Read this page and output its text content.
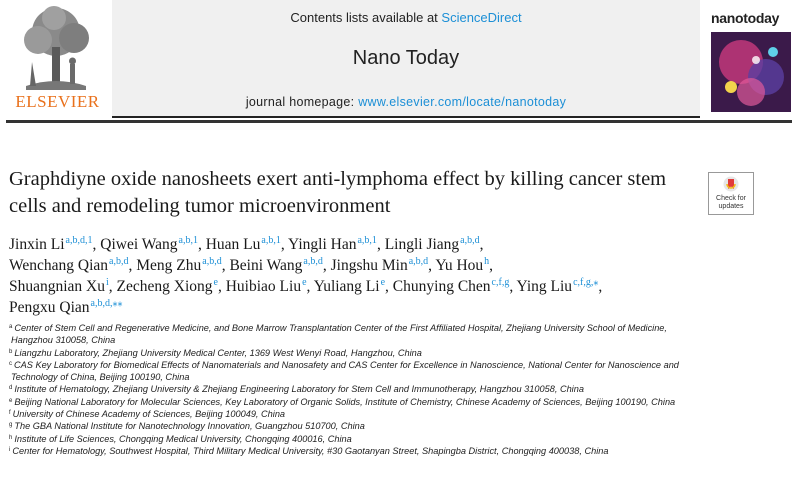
ELSEVIER
Contents lists available at ScienceDirect
Nano Today
journal homepage: www.elsevier.com/locate/nanotoday
nanotoday
Graphdiyne oxide nanosheets exert anti-lymphoma effect by killing cancer stem cells and remodeling tumor microenvironment	Check for updates
Jinxin Li$^{a,b,d,1}$, Qiwei Wang$^{a,b,1}$, Huan Lu$^{a,b,1}$, Yingli Han$^{a,b,1}$, Lingli Jiang$^{a,b,d}$,
Wenchang Qian$^{a,b,d}$, Meng Zhu$^{a,b,d}$, Beini Wang$^{a,b,d}$, Jingshu Min$^{a,b,d}$, Yu Hou$^h$,
Shuangnian Xu$^i$, Zecheng Xiong$^e$, Huibiao Liu$^e$, Yuliang Li$^e$, Chunying Chen$^{c,f,g}$, Ying Liu$^{c,f,g,⁎}$,
Pengxu Qian$^{a,b,d,⁎⁎}$
$^a$ Center of Stem Cell and Regenerative Medicine, and Bone Marrow Transplantation Center of the First Affiliated Hospital, Zhejiang University School of Medicine,
Hangzhou 310058, China
$^b$ Liangzhu Laboratory, Zhejiang University Medical Center, 1369 West Wenyi Road, Hangzhou, China
$^c$ CAS Key Laboratory for Biomedical Effects of Nanomaterials and Nanosafety and CAS Center for Excellence in Nanoscience, National Center for Nanoscience and
Technology of China, Beijing 100190, China
$^d$ Institute of Hematology, Zhejiang University & Zhejiang Engineering Laboratory for Stem Cell and Immunotherapy, Hangzhou 310058, China
$^e$ Beijing National Laboratory for Molecular Sciences, Key Laboratory of Organic Solids, Institute of Chemistry, Chinese Academy of Sciences, Beijing 100190, China
$^f$ University of Chinese Academy of Sciences, Beijing 100049, China
$^g$ The GBA National Institute for Nanotechnology Innovation, Guangzhou 510700, China
$^h$ Institute of Life Sciences, Chongqing Medical University, Chongqing 400016, China
$^i$ Center for Hematology, Southwest Hospital, Third Military Medical University, #30 Gaotanyan Street, Shapingba District, Chongqing 400038, China
